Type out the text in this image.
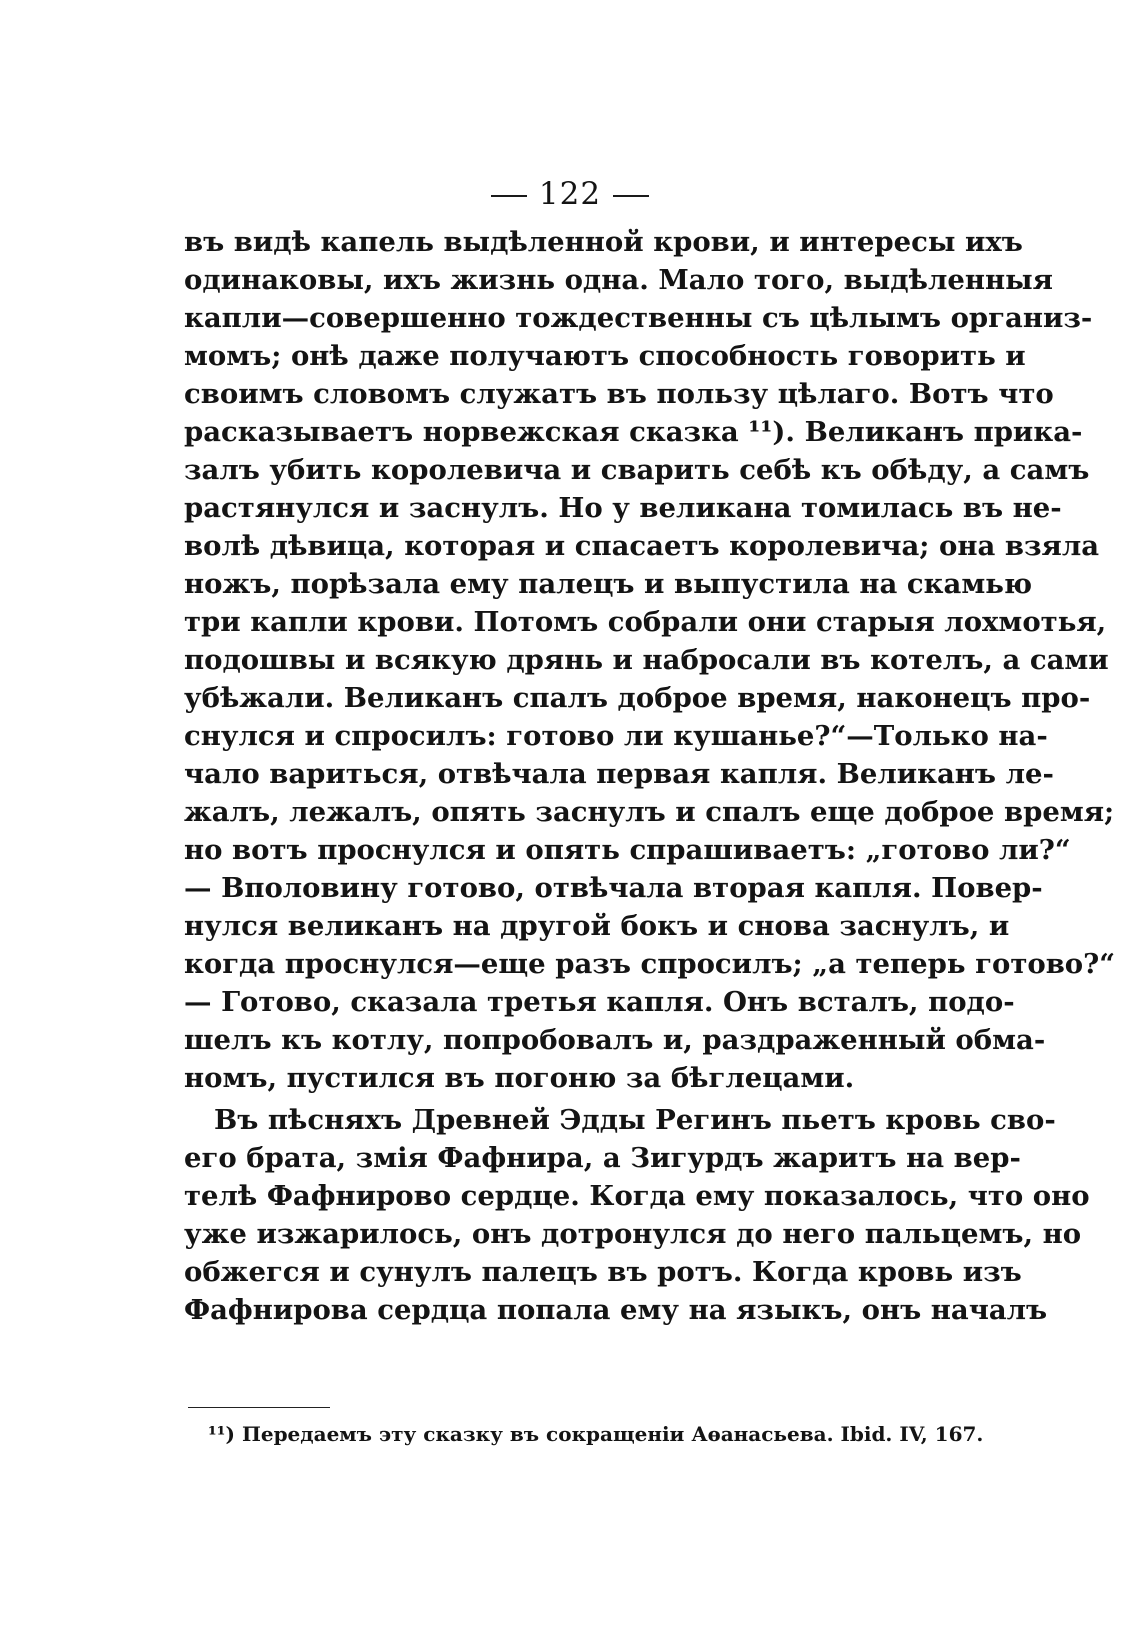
122
въ видѣ капель выдѣленной крови, и интересы ихъ
одинаковы, ихъ жизнь одна. Мало того, выдѣленныя
капли—совершенно тождественны съ цѣлымъ организ-
момъ; онѣ даже получаютъ способность говорить и
своимъ словомъ служатъ въ пользу цѣлаго. Вотъ что
расказываетъ норвежская сказка ¹¹). Великанъ прика-
залъ убить королевича и сварить себѣ къ обѣду, а самъ
растянулся и заснулъ. Но у великана томилась въ не-
волѣ дѣвица, которая и спасаетъ королевича; она взяла
ножъ, порѣзала ему палецъ и выпустила на скамью
три капли крови. Потомъ собрали они старыя лохмотья,
подошвы и всякую дрянь и набросали въ котелъ, а сами
убѣжали. Великанъ спалъ доброе время, наконецъ про-
снулся и спросилъ: готово ли кушанье?“—Только на-
чало вариться, отвѣчала первая капля. Великанъ ле-
жалъ, лежалъ, опять заснулъ и спалъ еще доброе время;
но вотъ проснулся и опять спрашиваетъ: „готово ли?“
— Вполовину готово, отвѣчала вторая капля. Повер-
нулся великанъ на другой бокъ и снова заснулъ, и
когда проснулся—еще разъ спросилъ; „а теперь готово?“
— Готово, сказала третья капля. Онъ всталъ, подо-
шелъ къ котлу, попробовалъ и, раздраженный обма-
номъ, пустился въ погоню за бѣглецами.
Въ пѣсняхъ Древней Эдды Регинъ пьетъ кровь сво-
его брата, змія Фафнира, а Зигурдъ жаритъ на вер-
телѣ Фафнирово сердце. Когда ему показалось, что оно
уже изжарилось, онъ дотронулся до него пальцемъ, но
обжегся и сунулъ палецъ въ ротъ. Когда кровь изъ
Фафнирова сердца попала ему на языкъ, онъ началъ
¹¹) Передаемъ эту сказку въ сокращеніи Аѳанасьева. Ibid. IV, 167.
